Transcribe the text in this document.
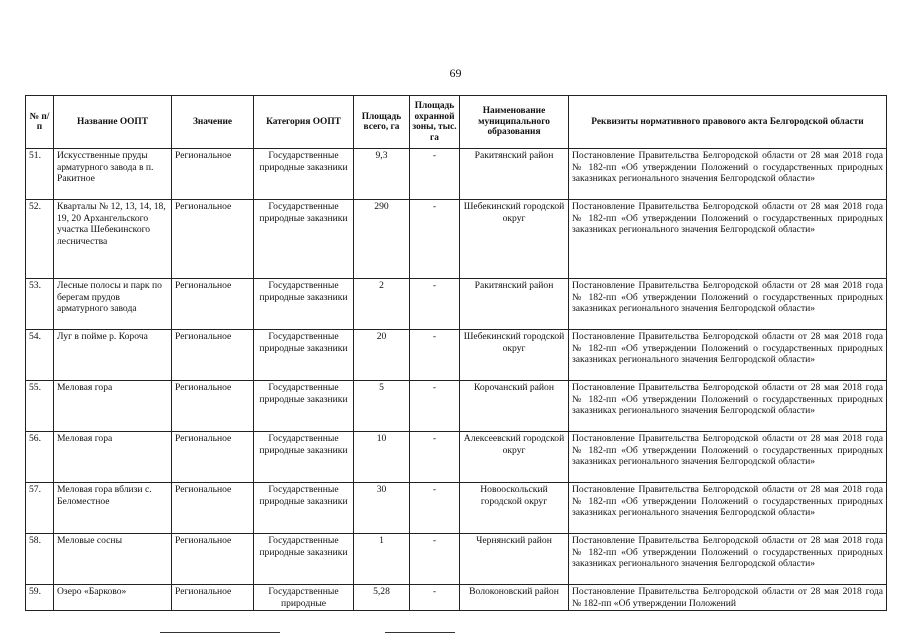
69
№ п/п	Название ООПТ	Значение	Категория ООПТ	Площадь всего, га	Площадь охранной зоны, тыс. га	Наименование муниципального образования	Реквизиты нормативного правового акта Белгородской области
51.	Искусственные пруды арматурного завода в п. Ракитное	Региональное	Государственные природные заказники	9,3	-	Ракитянский район	Постановление Правительства Белгородской области от 28 мая 2018 года № 182-пп «Об утверждении Положений о государственных природных заказниках регионального значения Белгородской области»
52.	Кварталы № 12, 13, 14, 18, 19, 20 Архангельского участка Шебекинского лесничества	Региональное	Государственные природные заказники	290	-	Шебекинский городской округ	Постановление Правительства Белгородской области от 28 мая 2018 года № 182-пп «Об утверждении Положений о государственных природных заказниках регионального значения Белгородской области»
53.	Лесные полосы и парк по берегам прудов арматурного завода	Региональное	Государственные природные заказники	2	-	Ракитянский район	Постановление Правительства Белгородской области от 28 мая 2018 года № 182-пп «Об утверждении Положений о государственных природных заказниках регионального значения Белгородской области»
54.	Луг в пойме р. Короча	Региональное	Государственные природные заказники	20	-	Шебекинский городской округ	Постановление Правительства Белгородской области от 28 мая 2018 года № 182-пп «Об утверждении Положений о государственных природных заказниках регионального значения Белгородской области»
55.	Меловая гора	Региональное	Государственные природные заказники	5	-	Корочанский район	Постановление Правительства Белгородской области от 28 мая 2018 года № 182-пп «Об утверждении Положений о государственных природных заказниках регионального значения Белгородской области»
56.	Меловая гора	Региональное	Государственные природные заказники	10	-	Алексеевский городской округ	Постановление Правительства Белгородской области от 28 мая 2018 года № 182-пп «Об утверждении Положений о государственных природных заказниках регионального значения Белгородской области»
57.	Меловая гора вблизи с. Беломестное	Региональное	Государственные природные заказники	30	-	Новооскольский городской округ	Постановление Правительства Белгородской области от 28 мая 2018 года № 182-пп «Об утверждении Положений о государственных природных заказниках регионального значения Белгородской области»
58.	Меловые сосны	Региональное	Государственные природные заказники	1	-	Чернянский район	Постановление Правительства Белгородской области от 28 мая 2018 года № 182-пп «Об утверждении Положений о государственных природных заказниках регионального значения Белгородской области»
59.	Озеро «Барково»	Региональное	Государственные природные	5,28	-	Волоконовский район	Постановление Правительства Белгородской области от 28 мая 2018 года № 182-пп «Об утверждении Положений
